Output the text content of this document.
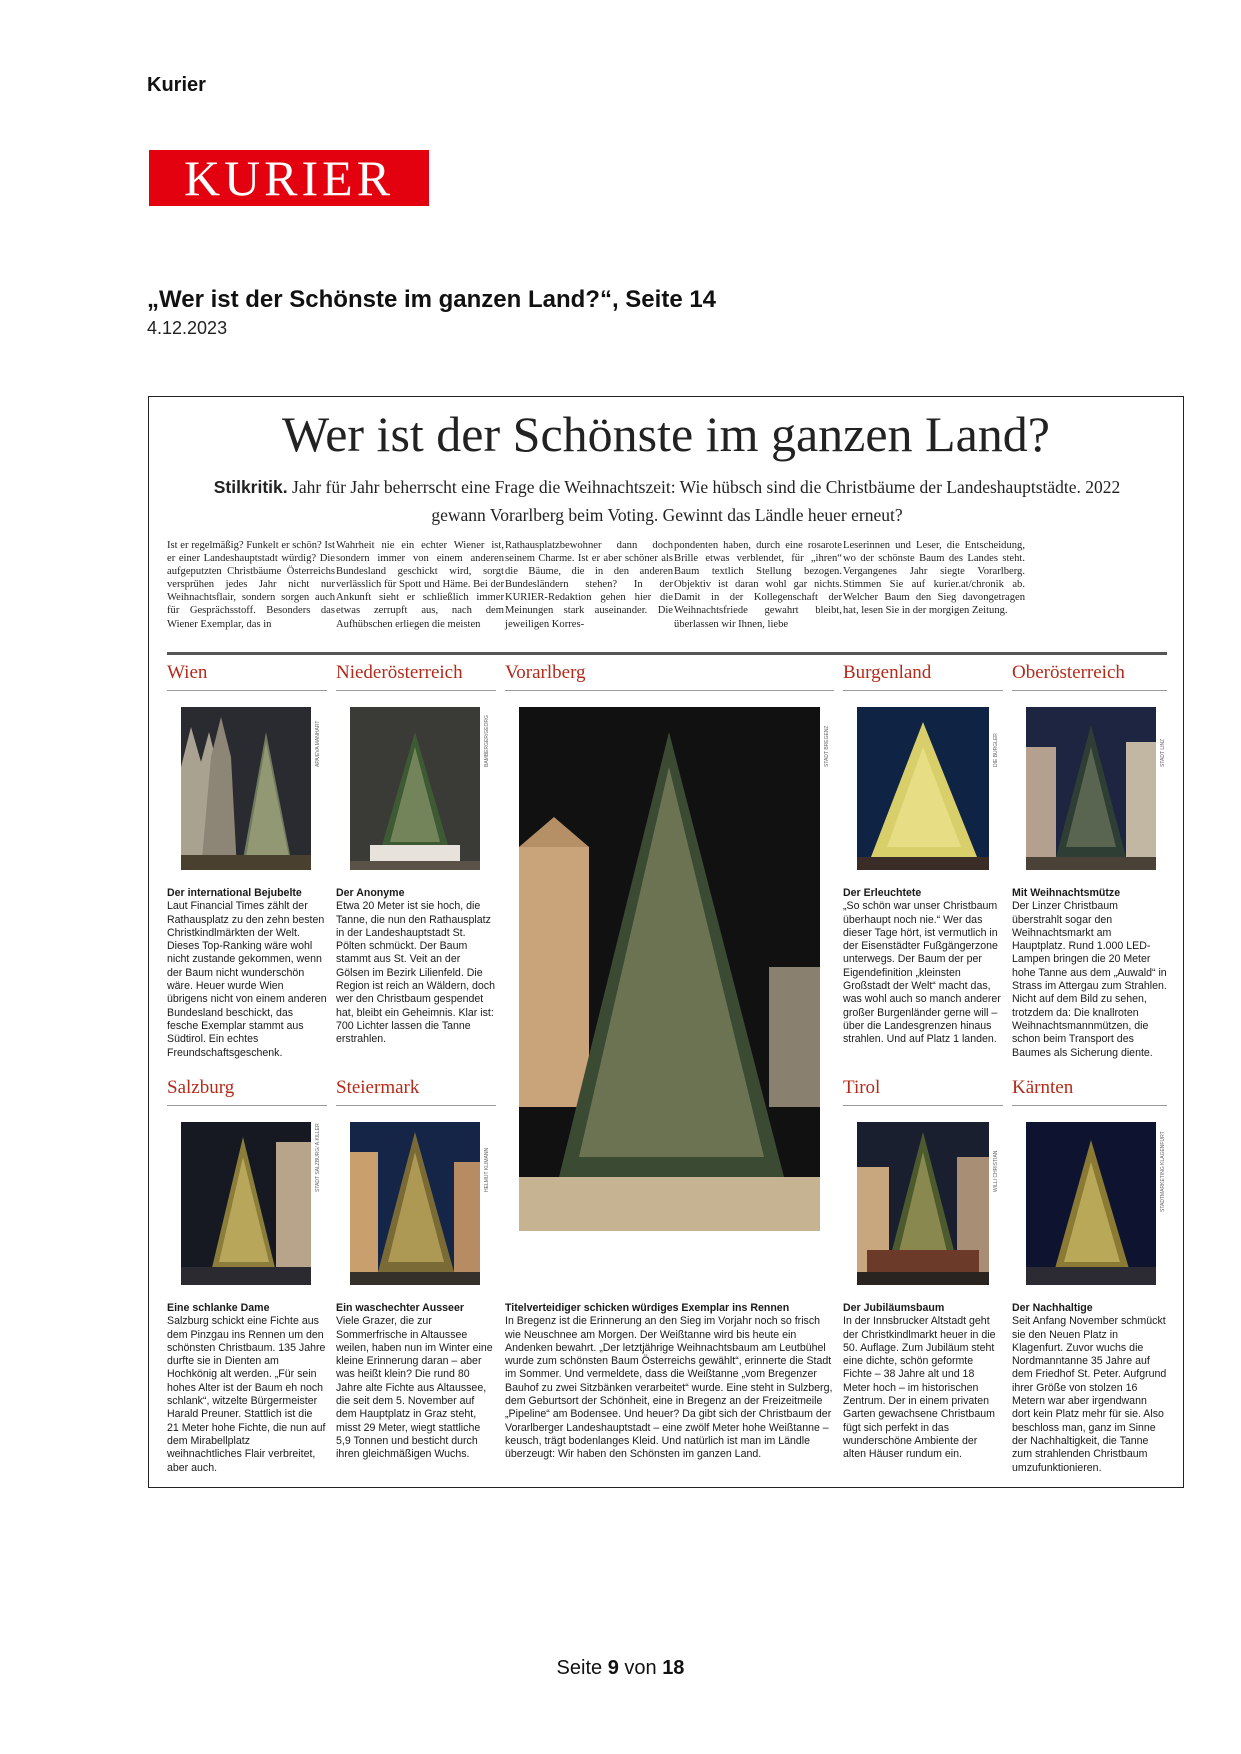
Kurier
KURIER
„Wer ist der Schönste im ganzen Land?“, Seite 14
4.12.2023
Wer ist der Schönste im ganzen Land?
Stilkritik. Jahr für Jahr beherrscht eine Frage die Weihnachtszeit: Wie hübsch sind die Christbäume der Landeshauptstädte. 2022 gewann Vorarlberg beim Voting. Gewinnt das Ländle heuer erneut?
Ist er regelmäßig? Funkelt er schön? Ist er einer Landeshauptstadt würdig? Die aufgeputzten Christbäume Österreichs versprühen jedes Jahr nicht nur Weihnachtsflair, sondern sorgen auch für Gesprächsstoff. Besonders das Wiener Exemplar, das in
Wahrheit nie ein echter Wiener ist, sondern immer von einem anderen Bundesland geschickt wird, sorgt verlässlich für Spott und Häme. Bei der Ankunft sieht er schließlich immer etwas zerrupft aus, nach dem Aufhübschen erliegen die meisten
Rathausplatzbewohner dann doch seinem Charme. Ist er aber schöner als die Bäume, die in den anderen Bundesländern stehen? In der KURIER-Redaktion gehen hier die Meinungen stark auseinander. Die jeweiligen Korres-
pondenten haben, durch eine rosarote Brille etwas verblendet, für „ihren“ Baum textlich Stellung bezogen. Objektiv ist daran wohl gar nichts. Damit in der Kollegenschaft der Weihnachtsfriede gewahrt bleibt, überlassen wir Ihnen, liebe
Leserinnen und Leser, die Entscheidung, wo der schönste Baum des Landes steht. Vergangenes Jahr siegte Vorarlberg. Stimmen Sie auf kurier.at/chronik ab. Welcher Baum den Sieg davongetragen hat, lesen Sie in der morgigen Zeitung.
Wien	Niederösterreich Vorarlberg	Burgenland	Oberösterreich
APA/EVA MANHART	BAMBERGER/GEORG	STADT BREGENZ	DIE BURGLER	STADT LINZ
Der international Bejubelte
Laut Financial Times zählt der Rathausplatz zu den zehn besten Christkindlmärkten der Welt. Dieses Top-Ranking wäre wohl nicht zustande gekommen, wenn der Baum nicht wunderschön wäre. Heuer wurde Wien übrigens nicht von einem anderen Bundesland beschickt, das fesche Exemplar stammt aus Südtirol. Ein echtes Freundschaftsgeschenk.
Der Anonyme
Etwa 20 Meter ist sie hoch, die Tanne, die nun den Rathausplatz in der Landeshauptstadt St. Pölten schmückt. Der Baum stammt aus St. Veit an der Gölsen im Bezirk Lilienfeld. Die Region ist reich an Wäldern, doch wer den Christbaum gespendet hat, bleibt ein Geheimnis. Klar ist: 700 Lichter lassen die Tanne erstrahlen.
Der Erleuchtete
„So schön war unser Christbaum überhaupt noch nie.“ Wer das dieser Tage hört, ist vermutlich in der Eisenstädter Fußgängerzone unterwegs. Der Baum der per Eigendefinition „kleinsten Großstadt der Welt“ macht das, was wohl auch so manch anderer großer Burgenländer gerne will – über die Landesgrenzen hinaus strahlen. Und auf Platz 1 landen.
Mit Weihnachtsmütze
Der Linzer Christbaum überstrahlt sogar den Weihnachtsmarkt am Hauptplatz. Rund 1.000 LED-Lampen bringen die 20 Meter hohe Tanne aus dem „Auwald“ in Strass im Attergau zum Strahlen. Nicht auf dem Bild zu sehen, trotzdem da: Die knallroten Weihnachtsmannmützen, die schon beim Transport des Baumes als Sicherung diente.
Salzburg	Steiermark	Tirol	Kärnten
STADT SALZBURG/ A.KILLER	HELMUT KLIMANN	WILLI CHRISTIAN	STADTMARKETING KLAGENFURT
Eine schlanke Dame
Salzburg schickt eine Fichte aus dem Pinzgau ins Rennen um den schönsten Christbaum. 135 Jahre durfte sie in Dienten am Hochkönig alt werden. „Für sein hohes Alter ist der Baum eh noch schlank“, witzelte Bürgermeister Harald Preuner. Stattlich ist die 21 Meter hohe Fichte, die nun auf dem Mirabellplatz weihnachtliches Flair verbreitet, aber auch.
Ein waschechter Ausseer
Viele Grazer, die zur Sommerfrische in Altaussee weilen, haben nun im Winter eine kleine Erinnerung daran – aber was heißt klein? Die rund 80 Jahre alte Fichte aus Altaussee, die seit dem 5. November auf dem Hauptplatz in Graz steht, misst 29 Meter, wiegt stattliche 5,9 Tonnen und besticht durch ihren gleichmäßigen Wuchs.
Titelverteidiger schicken würdiges Exemplar ins Rennen
In Bregenz ist die Erinnerung an den Sieg im Vorjahr noch so frisch wie Neuschnee am Morgen. Der Weißtanne wird bis heute ein Andenken bewahrt. „Der letztjährige Weihnachtsbaum am Leutbühel wurde zum schönsten Baum Österreichs gewählt“, erinnerte die Stadt im Sommer. Und vermeldete, dass die Weißtanne „vom Bregenzer Bauhof zu zwei Sitzbänken verarbeitet“ wurde. Eine steht in Sulzberg, dem Geburtsort der Schönheit, eine in Bregenz an der Freizeitmeile „Pipeline“ am Bodensee. Und heuer? Da gibt sich der Christbaum der Vorarlberger Landeshauptstadt – eine zwölf Meter hohe Weißtanne – keusch, trägt bodenlanges Kleid. Und natürlich ist man im Ländle überzeugt: Wir haben den Schönsten im ganzen Land.
Der Jubiläumsbaum
In der Innsbrucker Altstadt geht der Christkindlmarkt heuer in die 50. Auflage. Zum Jubiläum steht eine dichte, schön geformte Fichte – 38 Jahre alt und 18 Meter hoch – im historischen Zentrum. Der in einem privaten Garten gewachsene Christbaum fügt sich perfekt in das wunderschöne Ambiente der alten Häuser rundum ein.
Der Nachhaltige
Seit Anfang November schmückt sie den Neuen Platz in Klagenfurt. Zuvor wuchs die Nordmanntanne 35 Jahre auf dem Friedhof St. Peter. Aufgrund ihrer Größe von stolzen 16 Metern war aber irgendwann dort kein Platz mehr für sie. Also beschloss man, ganz im Sinne der Nachhaltigkeit, die Tanne zum strahlenden Christbaum umzufunktionieren.
Seite 9 von 18
